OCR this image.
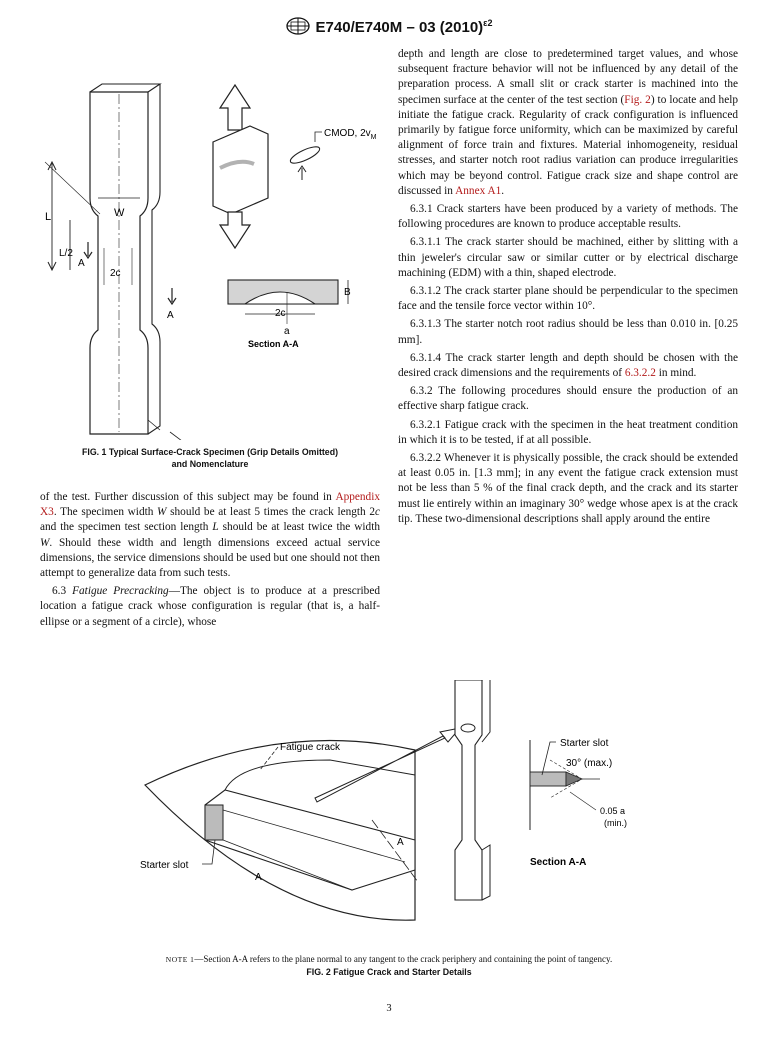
E740/E740M – 03 $(2010)^{\varepsilon 2}$
L
L/2
W
A
A
2c
CMOD, $2v_M$
2c
B
a
Section A-A
FIG. 1 Typical Surface-Crack Specimen (Grip Details Omitted)
and Nomenclature

of the test. Further discussion of this subject may be found in Appendix X3. The specimen width W should be at least 5 times the crack length 2c and the specimen test section length L should be at least twice the width W. Should these width and length dimensions exceed actual service dimensions, the service dimensions should be used but one should not then attempt to generalize data from such tests.

6.3 Fatigue Precracking—The object is to produce at a prescribed location a fatigue crack whose configuration is regular (that is, a half-ellipse or a segment of a circle), whose

depth and length are close to predetermined target values, and whose subsequent fracture behavior will not be influenced by any detail of the preparation process. A small slit or crack starter is machined into the specimen surface at the center of the test section (Fig. 2) to locate and help initiate the fatigue crack. Regularity of crack configuration is influenced primarily by fatigue force uniformity, which can be maximized by careful alignment of force train and fixtures. Material inhomogeneity, residual stresses, and starter notch root radius variation can produce irregularities which may be beyond control. Fatigue crack size and shape control are discussed in Annex A1.

6.3.1 Crack starters have been produced by a variety of methods. The following procedures are known to produce acceptable results.

6.3.1.1 The crack starter should be machined, either by slitting with a thin jeweler's circular saw or similar cutter or by electrical discharge machining (EDM) with a thin, shaped electrode.

6.3.1.2 The crack starter plane should be perpendicular to the specimen face and the tensile force vector within 10°.

6.3.1.3 The starter notch root radius should be less than 0.010 in. [0.25 mm].

6.3.1.4 The crack starter length and depth should be chosen with the desired crack dimensions and the requirements of 6.3.2.2 in mind.

6.3.2 The following procedures should ensure the production of an effective sharp fatigue crack.

6.3.2.1 Fatigue crack with the specimen in the heat treatment condition in which it is to be tested, if at all possible.

6.3.2.2 Whenever it is physically possible, the crack should be extended at least 0.05 in. [1.3 mm]; in any event the fatigue crack extension must not be less than 5 % of the final crack depth, and the crack and its starter must lie entirely within an imaginary 30° wedge whose apex is at the crack tip. These two-dimensional descriptions shall apply around the entire

Fatigue crack
Starter slot
A
A
Starter slot
30° (max.)
0.05 a
(min.)
Section A-A
NOTE 1—Section A-A refers to the plane normal to any tangent to the crack periphery and containing the point of tangency.
FIG. 2 Fatigue Crack and Starter Details
3
